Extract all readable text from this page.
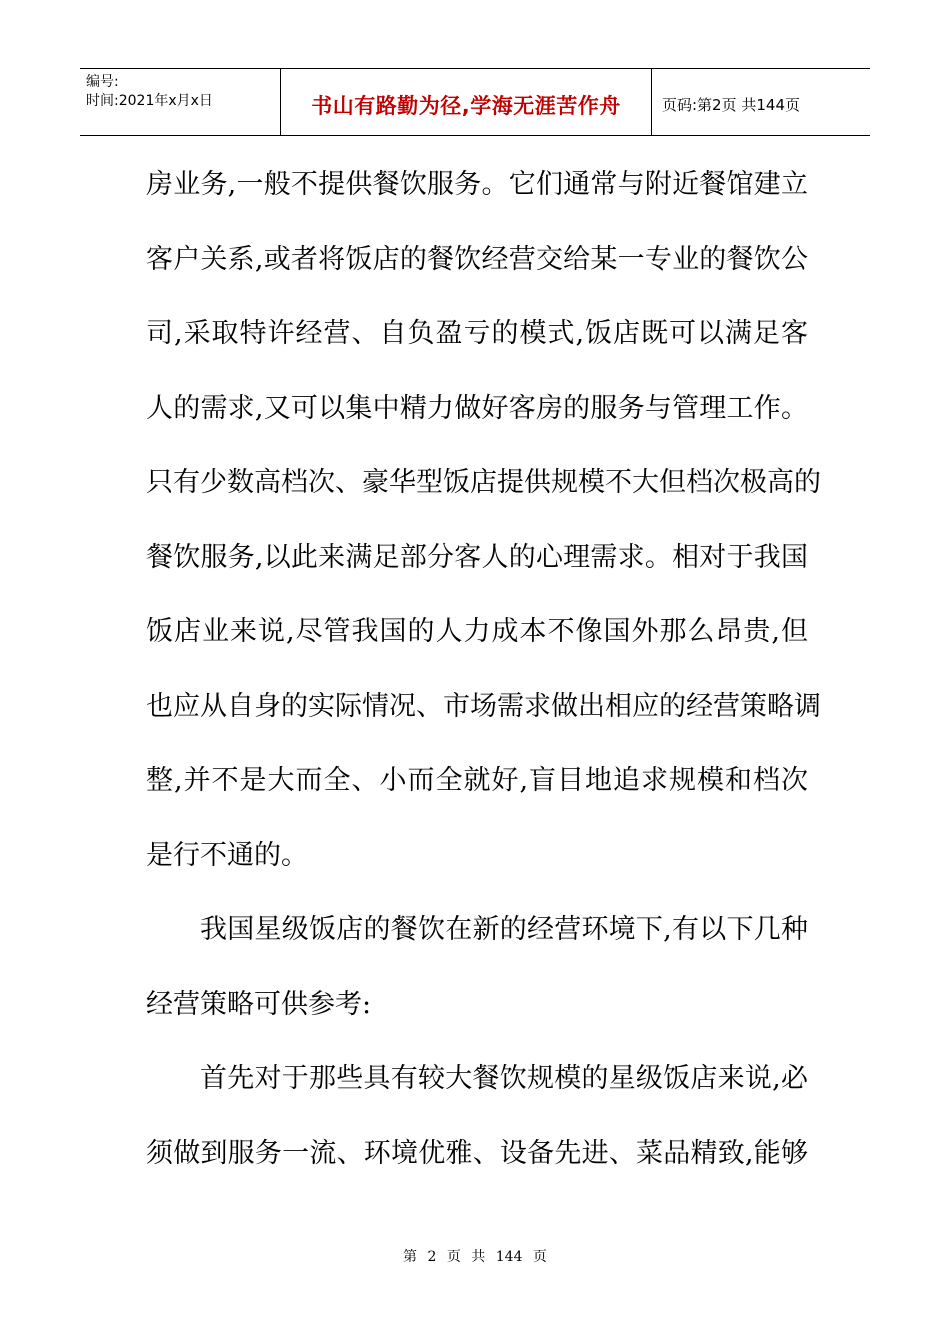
编号:
时间:2021年x月x日	书山有路勤为径,学海无涯苦作舟	页码:第2页 共144页
房业务,一般不提供餐饮服务。它们通常与附近餐馆建立
客户关系,或者将饭店的餐饮经营交给某一专业的餐饮公
司,采取特许经营、自负盈亏的模式,饭店既可以满足客
人的需求,又可以集中精力做好客房的服务与管理工作。
只有少数高档次、豪华型饭店提供规模不大但档次极高的
餐饮服务,以此来满足部分客人的心理需求。相对于我国
饭店业来说,尽管我国的人力成本不像国外那么昂贵,但
也应从自身的实际情况、市场需求做出相应的经营策略调
整,并不是大而全、小而全就好,盲目地追求规模和档次
是行不通的。
我国星级饭店的餐饮在新的经营环境下,有以下几种
经营策略可供参考:
首先对于那些具有较大餐饮规模的星级饭店来说,必
须做到服务一流、环境优雅、设备先进、菜品精致,能够
第 2 页 共 144 页
